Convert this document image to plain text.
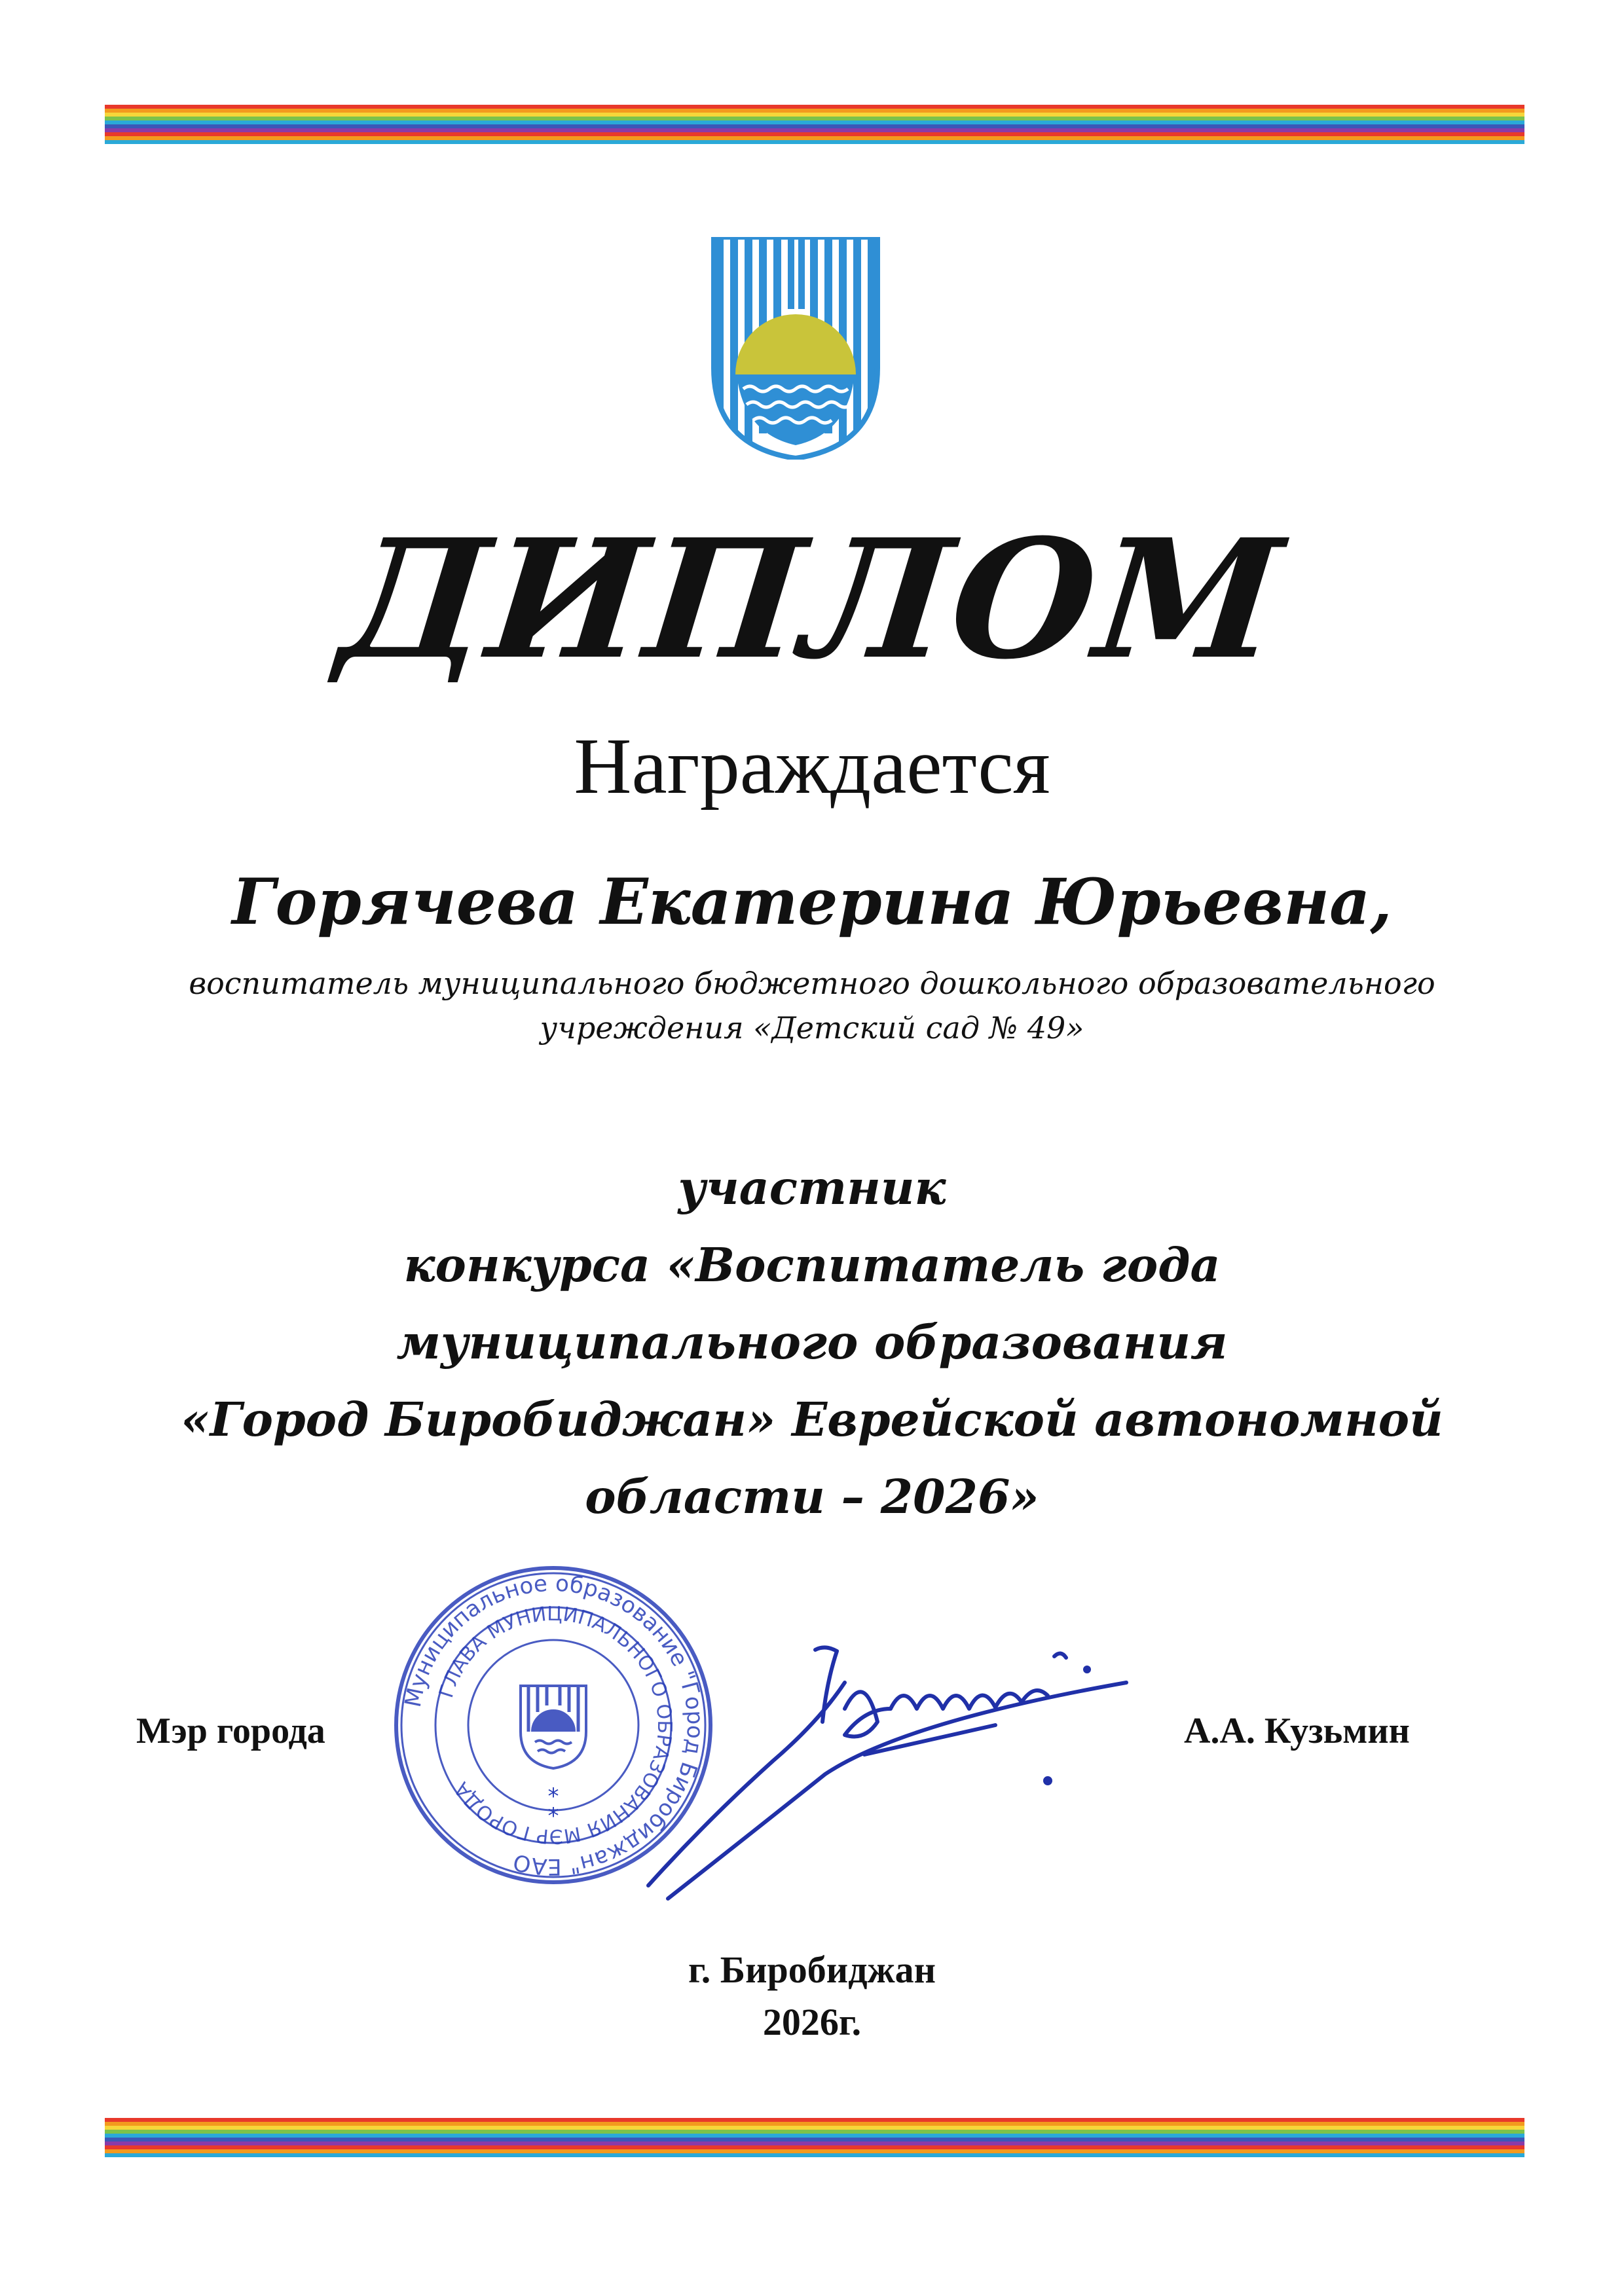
ДИПЛОМ
Награждается
Горячева Екатерина Юрьевна,
воспитатель муниципального бюджетного дошкольного образовательного
учреждения «Детский сад № 49»
участник
конкурса «Воспитатель года
муниципального образования
«Город Биробиджан» Еврейской автономной
области – 2026»
Мэр города	А.А. Кузьмин
Муниципальное образование "Город Биробиджан" ЕАО
ГЛАВА МУНИЦИПАЛЬНОГО ОБРАЗОВАНИЯ МЭР ГОРОДА	*
*
г. Биробиджан
2026г.
